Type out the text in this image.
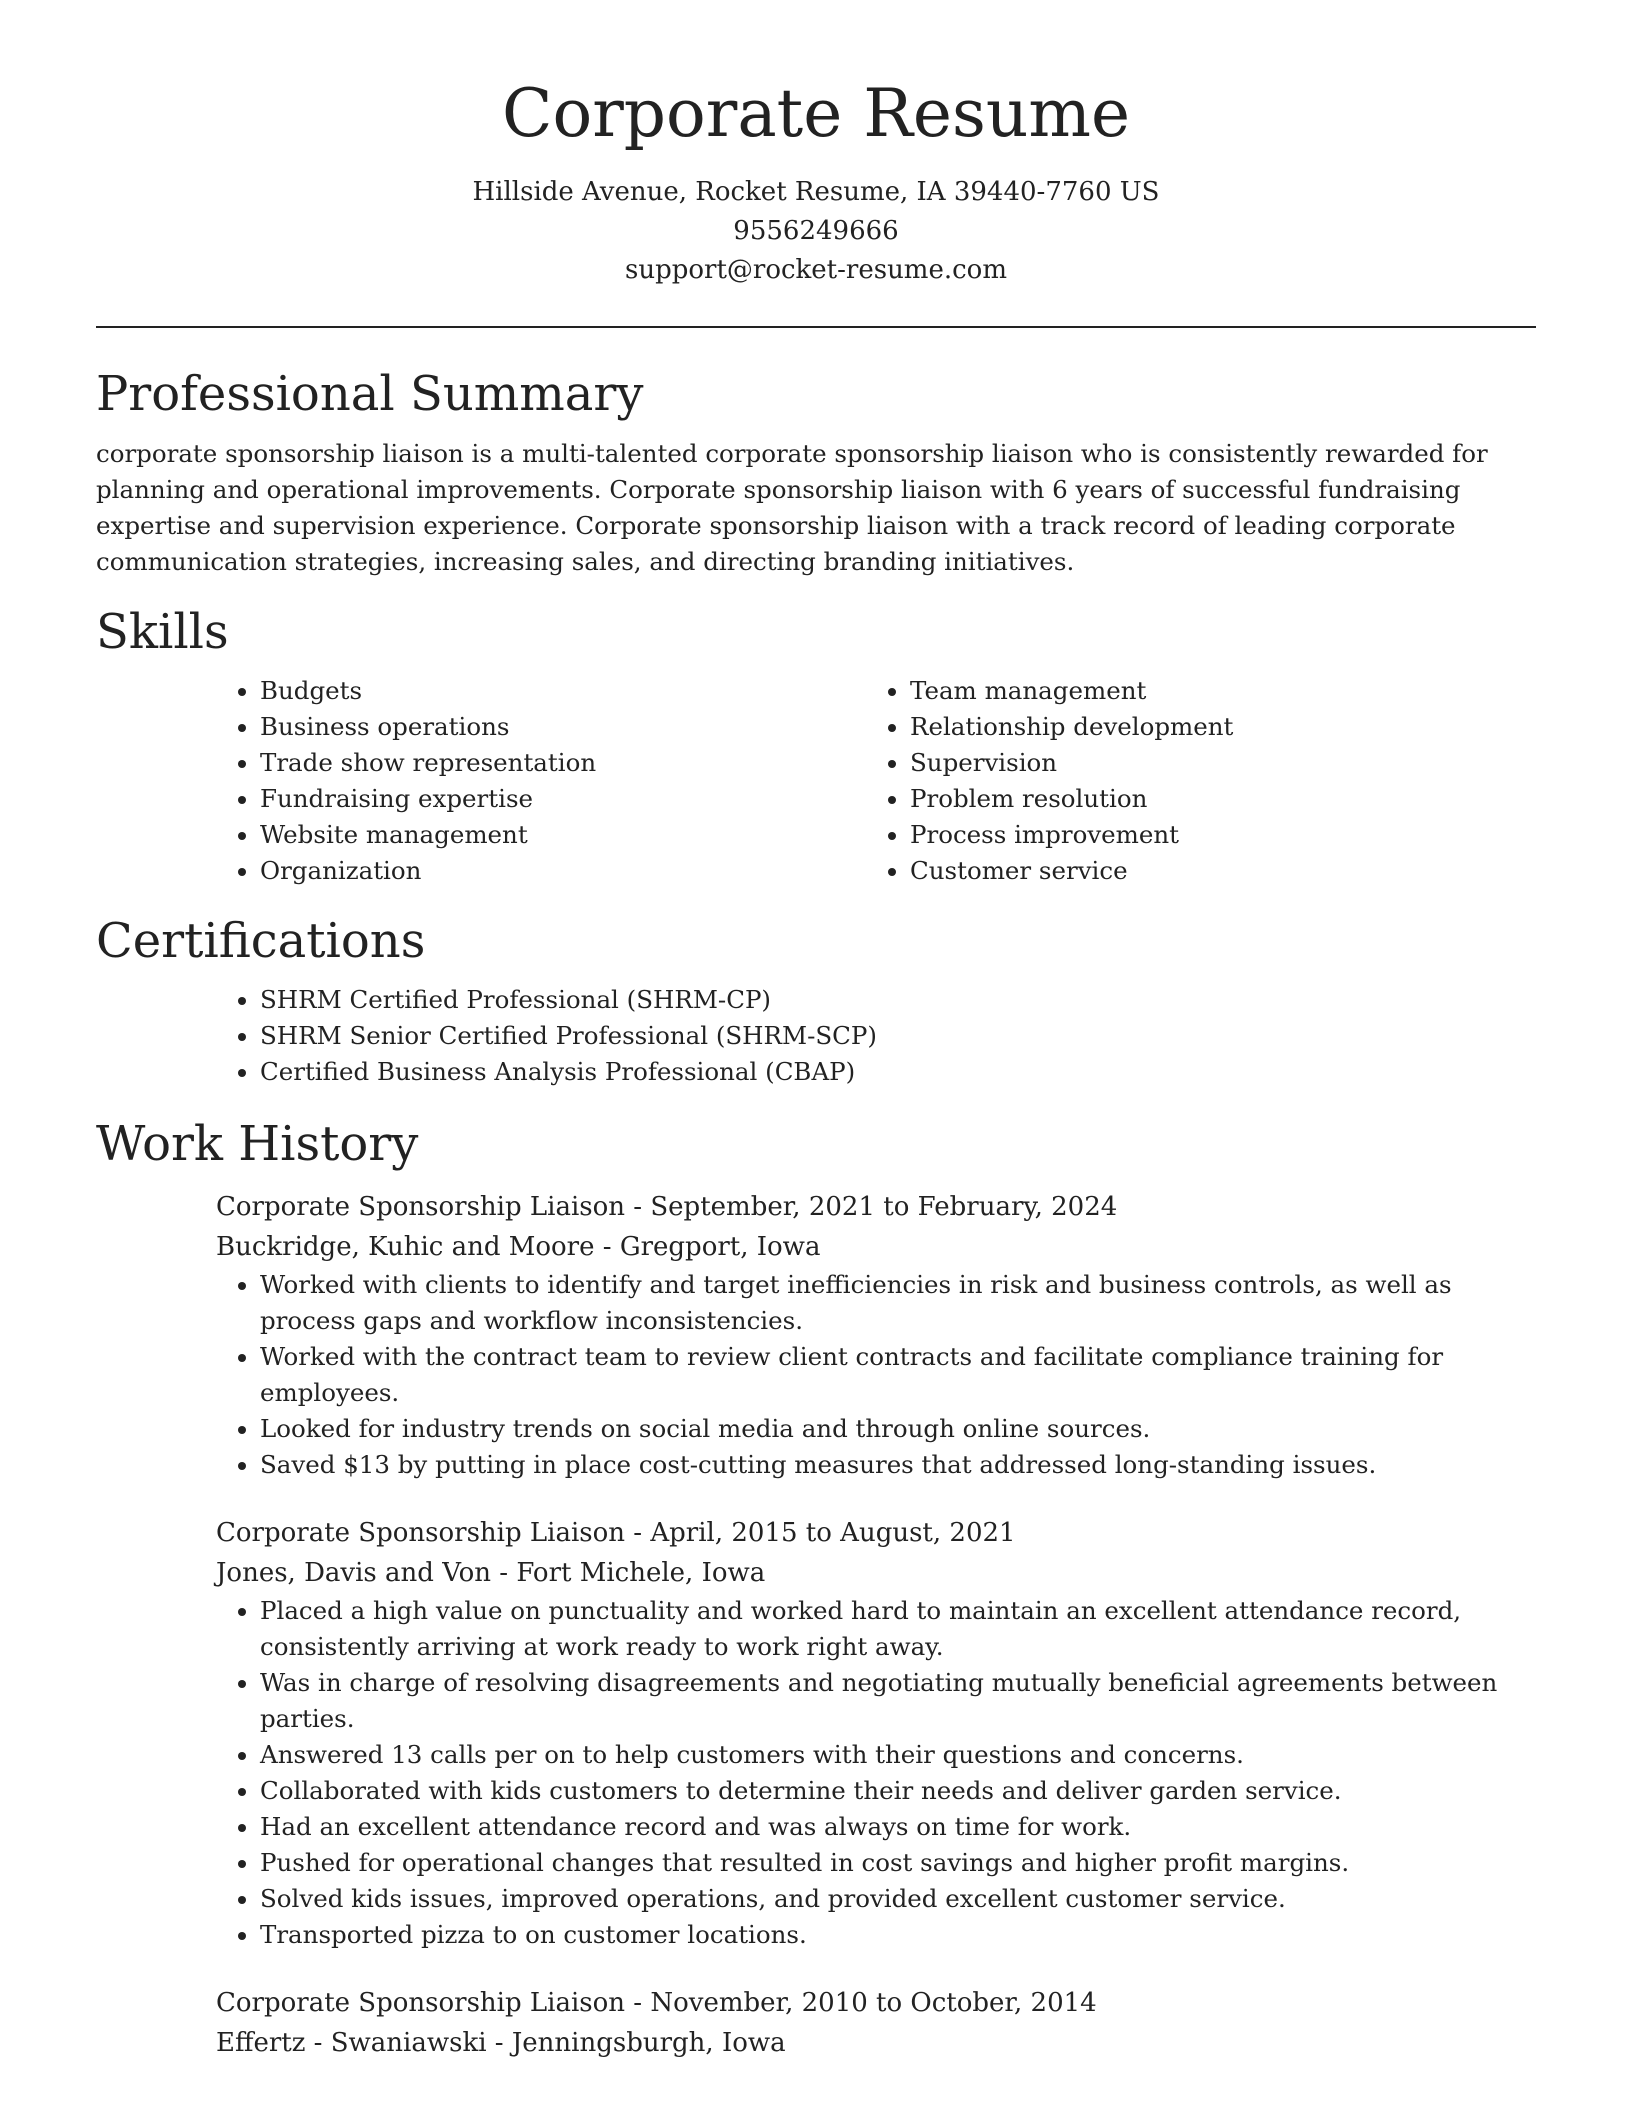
Corporate Resume

Hillside Avenue, Rocket Resume, IA 39440-7760 US

9556249666

support@rocket-resume.com

Professional Summary

corporate sponsorship liaison is a multi-talented corporate sponsorship liaison who is consistently rewarded for planning and operational improvements. Corporate sponsorship liaison with 6 years of successful fundraising expertise and supervision experience. Corporate sponsorship liaison with a track record of leading corporate communication strategies, increasing sales, and directing branding initiatives.

Skills
• Budgets
• Business operations
• Trade show representation
• Fundraising expertise
• Website management
• Organization
• Team management
• Relationship development
• Supervision
• Problem resolution
• Process improvement
• Customer service
Certifications
• SHRM Certified Professional (SHRM-CP)
• SHRM Senior Certified Professional (SHRM-SCP)
• Certified Business Analysis Professional (CBAP)
Work History

Corporate Sponsorship Liaison - September, 2021 to February, 2024

Buckridge, Kuhic and Moore - Gregport, Iowa

• Worked with clients to identify and target inefficiencies in risk and business controls, as well as process gaps and workflow inconsistencies.
• Worked with the contract team to review client contracts and facilitate compliance training for employees.
• Looked for industry trends on social media and through online sources.
• Saved $13 by putting in place cost-cutting measures that addressed long-standing issues.

Corporate Sponsorship Liaison - April, 2015 to August, 2021

Jones, Davis and Von - Fort Michele, Iowa

• Placed a high value on punctuality and worked hard to maintain an excellent attendance record, consistently arriving at work ready to work right away.
• Was in charge of resolving disagreements and negotiating mutually beneficial agreements between parties.
• Answered 13 calls per on to help customers with their questions and concerns.
• Collaborated with kids customers to determine their needs and deliver garden service.
• Had an excellent attendance record and was always on time for work.
• Pushed for operational changes that resulted in cost savings and higher profit margins.
• Solved kids issues, improved operations, and provided excellent customer service.
• Transported pizza to on customer locations.

Corporate Sponsorship Liaison - November, 2010 to October, 2014

Effertz - Swaniawski - Jenningsburgh, Iowa
